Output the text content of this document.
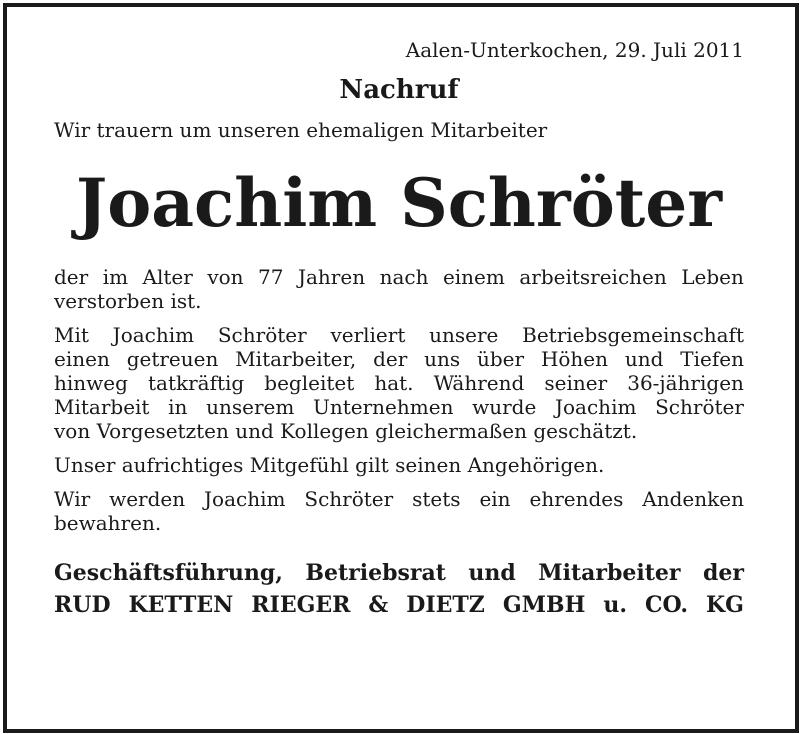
Aalen-Unterkochen, 29. Juli 2011
Nachruf
Wir trauern um unseren ehemaligen Mitarbeiter
Joachim Schröter
der im Alter von 77 Jahren nach einem arbeitsreichen Leben
verstorben ist.
Mit Joachim Schröter verliert unsere Betriebsgemeinschaft
einen getreuen Mitarbeiter, der uns über Höhen und Tiefen
hinweg tatkräftig begleitet hat. Während seiner 36-jährigen
Mitarbeit in unserem Unternehmen wurde Joachim Schröter
von Vorgesetzten und Kollegen gleichermaßen geschätzt.
Unser aufrichtiges Mitgefühl gilt seinen Angehörigen.
Wir werden Joachim Schröter stets ein ehrendes Andenken
bewahren.
Geschäftsführung, Betriebsrat und Mitarbeiter der
RUD KETTEN RIEGER & DIETZ GMBH u. CO. KG
